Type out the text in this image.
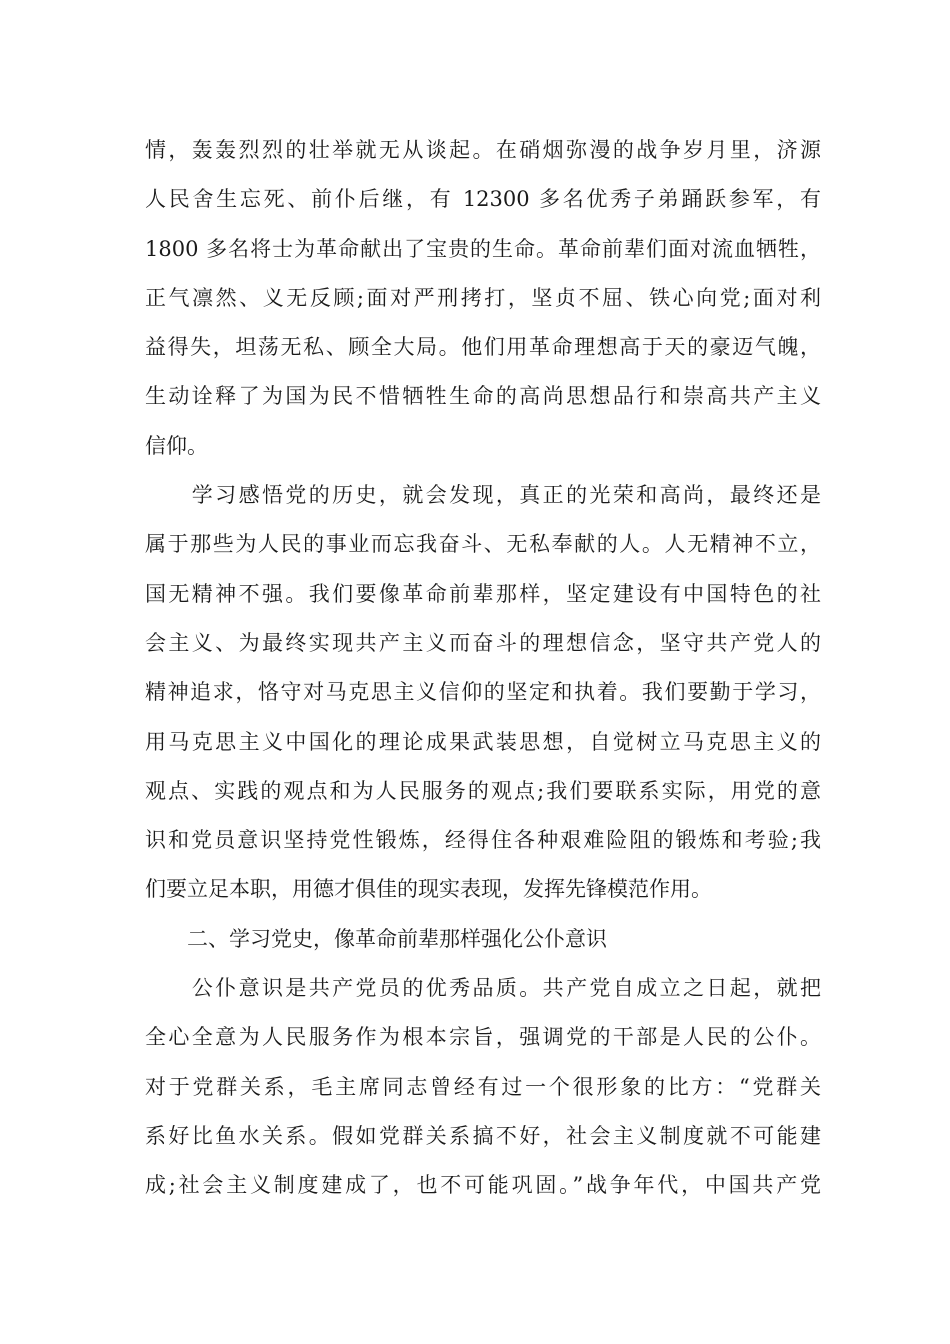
情，轰轰烈烈的壮举就无从谈起。在硝烟弥漫的战争岁月里，济源
人民舍生忘死、前仆后继，有 12300 多名优秀子弟踊跃参军，有
1800 多名将士为革命献出了宝贵的生命。革命前辈们面对流血牺牲，
正气凛然、义无反顾;面对严刑拷打，坚贞不屈、铁心向党;面对利
益得失，坦荡无私、顾全大局。他们用革命理想高于天的豪迈气魄，
生动诠释了为国为民不惜牺牲生命的高尚思想品行和崇高共产主义
信仰。
　　学习感悟党的历史，就会发现，真正的光荣和高尚，最终还是
属于那些为人民的事业而忘我奋斗、无私奉献的人。人无精神不立，
国无精神不强。我们要像革命前辈那样，坚定建设有中国特色的社
会主义、为最终实现共产主义而奋斗的理想信念，坚守共产党人的
精神追求，恪守对马克思主义信仰的坚定和执着。我们要勤于学习，
用马克思主义中国化的理论成果武装思想，自觉树立马克思主义的
观点、实践的观点和为人民服务的观点;我们要联系实际，用党的意
识和党员意识坚持党性锻炼，经得住各种艰难险阻的锻炼和考验;我
们要立足本职，用德才俱佳的现实表现，发挥先锋模范作用。
　　二、学习党史，像革命前辈那样强化公仆意识
　　公仆意识是共产党员的优秀品质。共产党自成立之日起，就把
全心全意为人民服务作为根本宗旨，强调党的干部是人民的公仆。
对于党群关系，毛主席同志曾经有过一个很形象的比方：“党群关
系好比鱼水关系。假如党群关系搞不好，社会主义制度就不可能建
成;社会主义制度建成了，也不可能巩固。”战争年代，中国共产党
